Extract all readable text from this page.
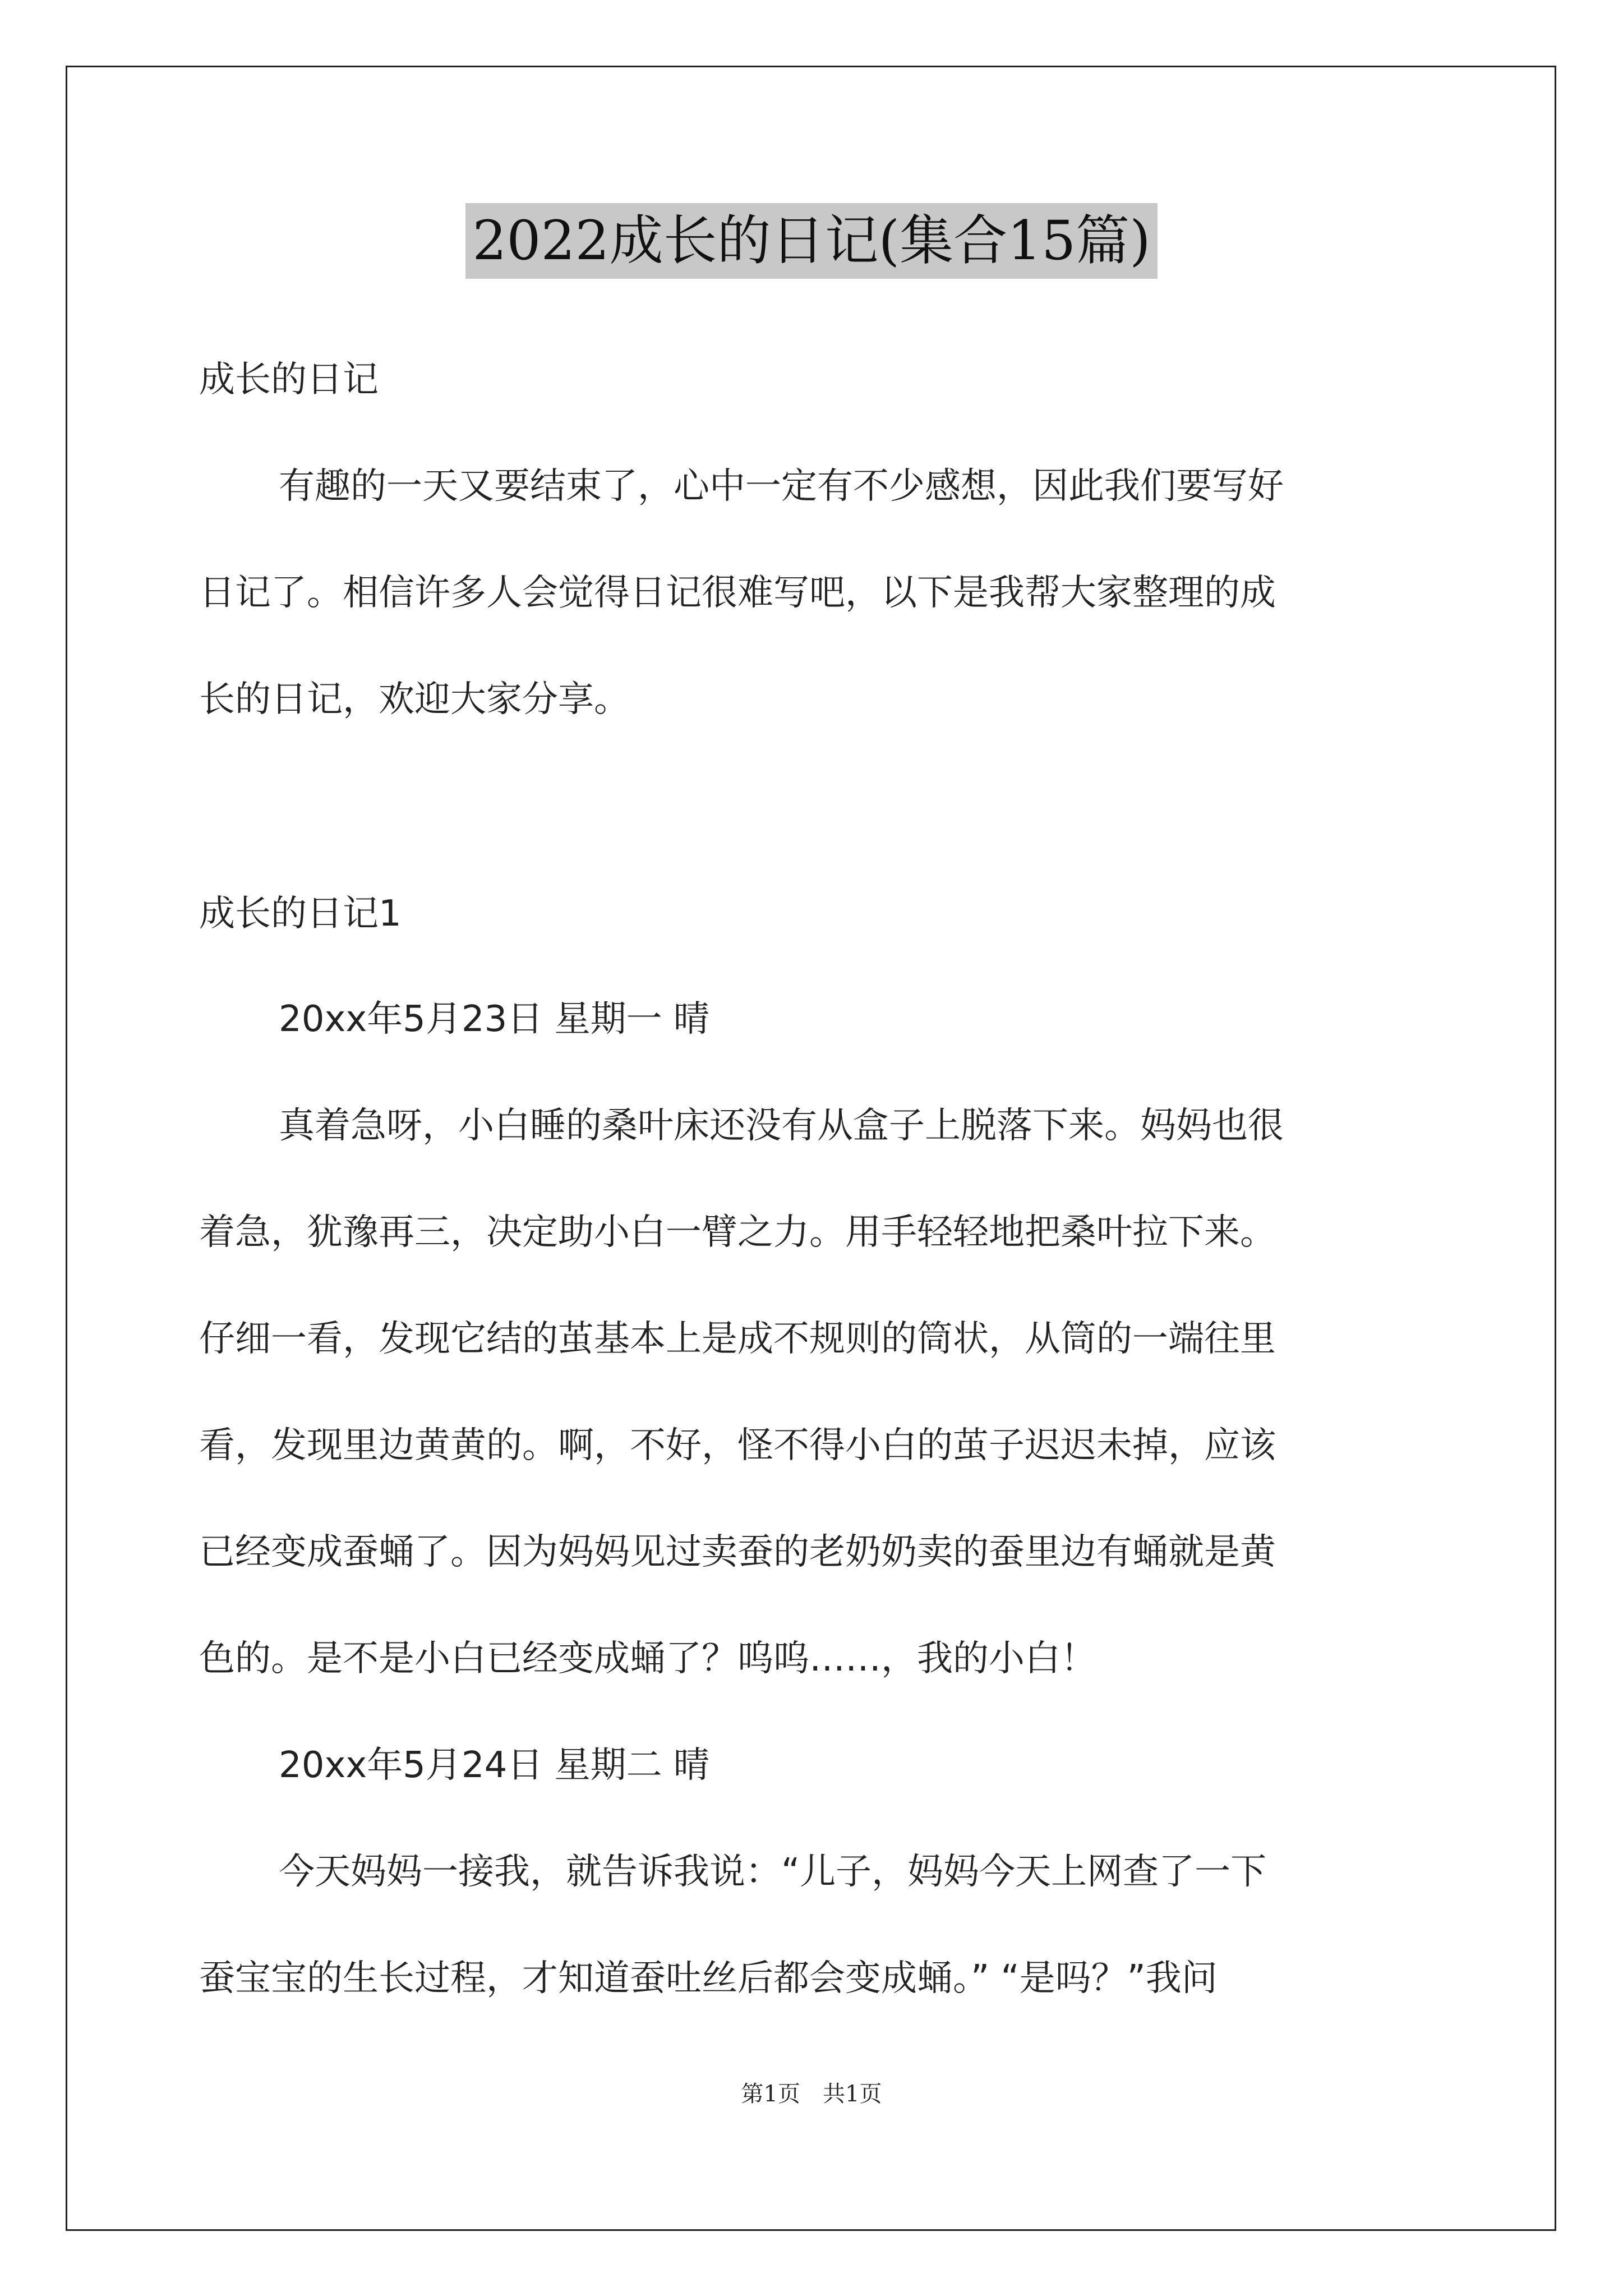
2022成长的日记(集合15篇)
成长的日记
有趣的一天又要结束了，心中一定有不少感想，因此我们要写好
日记了。相信许多人会觉得日记很难写吧，以下是我帮大家整理的成
长的日记，欢迎大家分享。
成长的日记1
20xx年5月23日 星期一 晴
真着急呀，小白睡的桑叶床还没有从盒子上脱落下来。妈妈也很
着急，犹豫再三，决定助小白一臂之力。用手轻轻地把桑叶拉下来。
仔细一看，发现它结的茧基本上是成不规则的筒状，从筒的一端往里
看，发现里边黄黄的。啊，不好，怪不得小白的茧子迟迟未掉，应该
已经变成蚕蛹了。因为妈妈见过卖蚕的老奶奶卖的蚕里边有蛹就是黄
色的。是不是小白已经变成蛹了？呜呜……，我的小白！
20xx年5月24日 星期二 晴
今天妈妈一接我，就告诉我说：“儿子，妈妈今天上网查了一下
蚕宝宝的生长过程，才知道蚕吐丝后都会变成蛹。” “是吗？”我问
第1页　共1页
